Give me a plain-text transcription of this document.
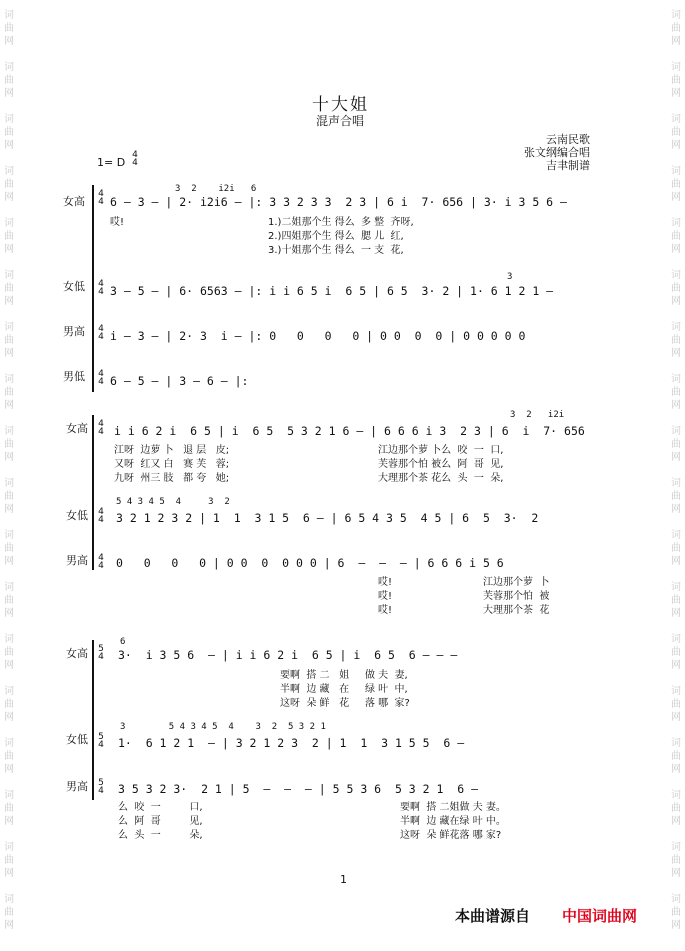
词
曲
网
词
曲
网
词
曲
网
词
曲
网
词
曲
网
词
曲
网
词
曲
网
词
曲
网
词
曲
网
词
曲
网
词
曲
网
词
曲
网
词
曲
网
词
曲
网
词
曲
网
词
曲
网
词
曲
网
词
曲
网
词
曲
网
词
曲
网
词
曲
网
词
曲
网
词
曲
网
词
曲
网
词
曲
网
词
曲
网
词
曲
网
词
曲
网
词
曲
网
词
曲
网
词
曲
网
词
曲
网
词
曲
网
词
曲
网
词
曲
网
词
曲
网
十大姐
混声合唱
云南民歌
张文纲编合唱
吉聿制谱
1= D
4
4
女高
女低
男高
男低
4
4
3  2    i2i   6
6 — 3 — | 2· i2i6 — |: 3 3 2 3 3  2 3 | 6 i  7· 656 | 3· i 3 5 6 —
哎!	1.)二姐那个生 得么  多 整  齐呀,
2.)四姐那个生 得么  腮 儿  红,
3.)十姐那个生 得么  一 支  花,
4
4
3
3 — 5 — | 6· 6563 — |: i i 6 5 i  6 5 | 6 5  3· 2 | 1· 6 1 2 1 —
4
4 i — 3 — | 2· 3  i — |: 0   0   0   0 | 0 0  0  0 | 0 0 0 0 0
4
4 6 — 5 — | 3 — 6 — |:
女高
女低
男高
4
4
3  2   i2i
i i 6 2 i  6 5 | i  6 5  5 3 2 1 6 — | 6 6 6 i 3  2 3 | 6  i  7· 656
江呀  边萝 卜   退 层   皮;
又呀  红又 白   赛 芙   蓉;
九呀  州三 肢   都 夸   她;
江边那个萝 卜么  咬  一  口,
芙蓉那个怕 被么  阿  哥  见,
大理那个茶 花么  头  一  朵,
4
4
5 4 3 4 5  4     3  2
3 2 1 2 3 2 | 1  1  3 1 5  6 — | 6 5 4 3 5  4 5 | 6  5  3·  2
4
4 0   0   0   0 | 0 0  0  0 0 0 | 6  —  —  — | 6 6 6 i 5 6
哎!
哎!
哎!
江边那个萝  卜
芙蓉那个怕  被
大理那个茶  花
女高
女低
男高
5
4
6
3·  i 3 5 6  — | i i 6 2 i  6 5 | i  6 5  6 — — —
要啊  搭 二   姐     做 夫  妻,
半啊  边 藏   在     绿 叶  中,
这呀  朵 鲜   花     落 哪  家?
5
4
3        5 4 3 4 5  4    3  2  5 3 2 1
1·  6 1 2 1  — | 3 2 1 2 3  2 | 1  1  3 1 5 5  6 —
5
4 3 5 3 2 3·  2 1 | 5  —  —  — | 5 5 3 6  5 3 2 1  6 —
么  咬  一         口,
么  阿  哥         见,
么  头  一         朵,
要啊  搭 二姐做 夫 妻。
半啊  边 藏在绿 叶 中。
这呀  朵 鲜花落 哪 家?
1
本曲谱源自 中国词曲网
